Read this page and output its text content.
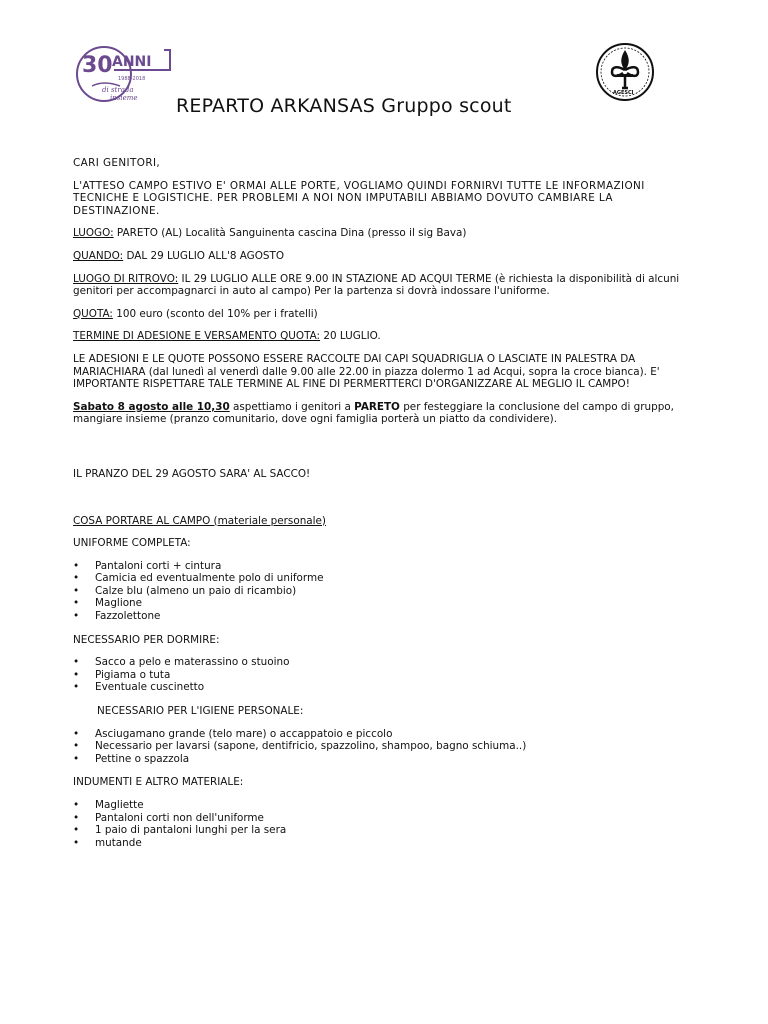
30 ANNI
1988-2018
di strada
insieme
AGESCI
REPARTO ARKANSAS Gruppo scout

CARI GENITORI,

L'ATTESO CAMPO ESTIVO E' ORMAI ALLE PORTE, VOGLIAMO QUINDI FORNIRVI TUTTE LE INFORMAZIONI TECNICHE E LOGISTICHE. PER PROBLEMI A NOI NON IMPUTABILI ABBIAMO DOVUTO CAMBIARE LA DESTINAZIONE.

LUOGO: PARETO (AL) Località Sanguinenta cascina Dina (presso il sig Bava)

QUANDO: DAL 29 LUGLIO ALL'8 AGOSTO

LUOGO DI RITROVO: IL 29 LUGLIO ALLE ORE 9.00 IN STAZIONE AD ACQUI TERME (è richiesta la disponibilità di alcuni genitori per accompagnarci in auto al campo) Per la partenza si dovrà indossare l'uniforme.

QUOTA: 100 euro (sconto del 10% per i fratelli)

TERMINE DI ADESIONE E VERSAMENTO QUOTA: 20 LUGLIO.

LE ADESIONI E LE QUOTE POSSONO ESSERE RACCOLTE DAI CAPI SQUADRIGLIA O LASCIATE IN PALESTRA DA MARIACHIARA (dal lunedì al venerdì dalle 9.00 alle 22.00 in piazza dolermo 1 ad Acqui, sopra la croce bianca). E' IMPORTANTE RISPETTARE TALE TERMINE AL FINE DI PERMERTTERCI D'ORGANIZZARE AL MEGLIO IL CAMPO!

Sabato 8 agosto alle 10,30 aspettiamo i genitori a PARETO per festeggiare la conclusione del campo di gruppo, mangiare insieme (pranzo comunitario, dove ogni famiglia porterà un piatto da condividere).

IL PRANZO DEL 29 AGOSTO SARA' AL SACCO!

COSA PORTARE AL CAMPO (materiale personale)

UNIFORME COMPLETA:

• Pantaloni corti + cintura
• Camicia ed eventualmente polo di uniforme
• Calze blu (almeno un paio di ricambio)
• Maglione
• Fazzolettone

NECESSARIO PER DORMIRE:

• Sacco a pelo e materassino o stuoino
• Pigiama o tuta
• Eventuale cuscinetto

NECESSARIO PER L'IGIENE PERSONALE:

• Asciugamano grande (telo mare) o accappatoio e piccolo
• Necessario per lavarsi (sapone, dentifricio, spazzolino, shampoo, bagno schiuma..)
• Pettine o spazzola

INDUMENTI E ALTRO MATERIALE:

• Magliette
• Pantaloni corti non dell'uniforme
• 1 paio di pantaloni lunghi per la sera
• mutande
